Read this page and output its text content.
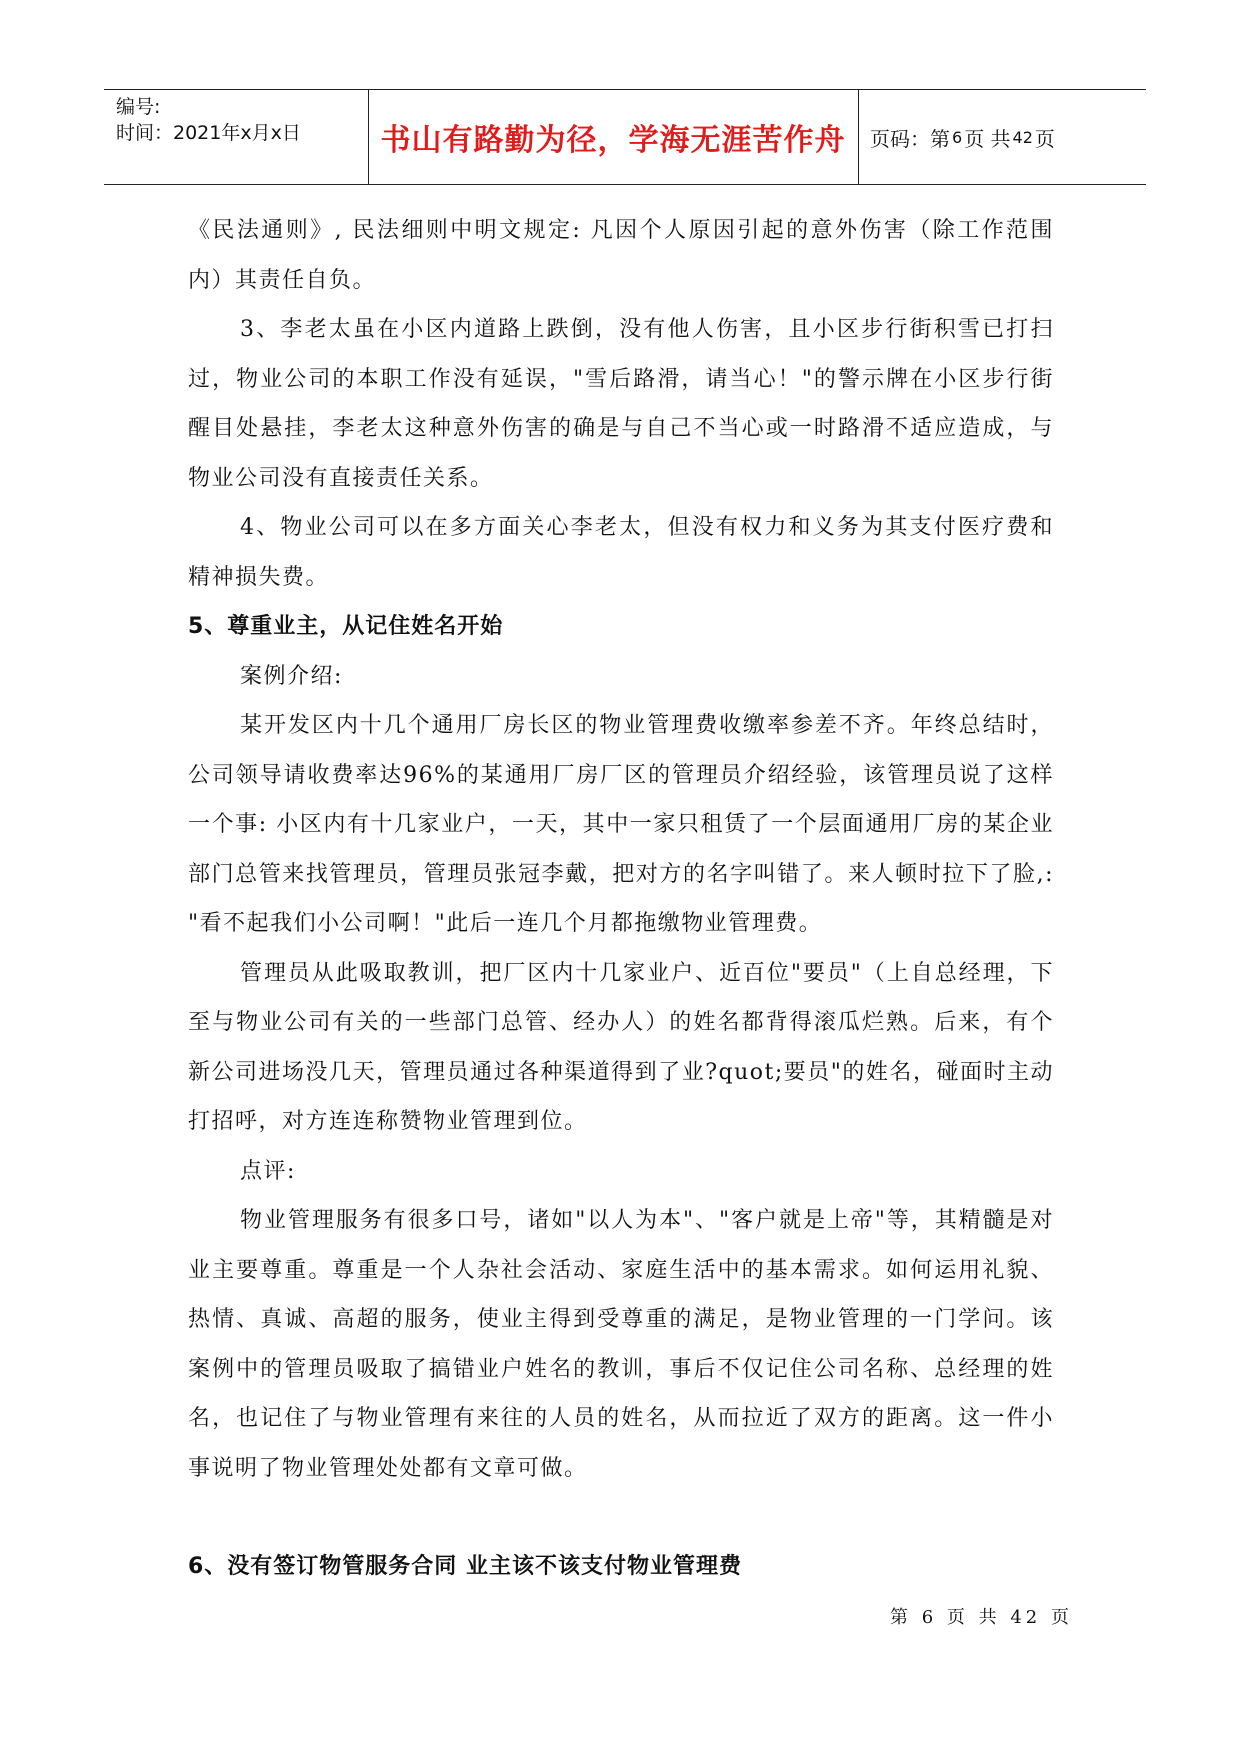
编号:
时间：2021年x月x日	书山有路勤为径，学海无涯苦作舟	页码：第 6 页 共 42 页

《民法通则》, 民法细则中明文规定: 凡因个人原因引起的意外伤害（除工作范围内）其责任自负。

3、李老太虽在小区内道路上跌倒，没有他人伤害，且小区步行街积雪已打扫过，物业公司的本职工作没有延误，"雪后路滑，请当心！"的警示牌在小区步行街醒目处悬挂，李老太这种意外伤害的确是与自己不当心或一时路滑不适应造成，与物业公司没有直接责任关系。

4、物业公司可以在多方面关心李老太，但没有权力和义务为其支付医疗费和精神损失费。

5、尊重业主，从记住姓名开始

案例介绍:

某开发区内十几个通用厂房长区的物业管理费收缴率参差不齐。年终总结时，公司领导请收费率达96%的某通用厂房厂区的管理员介绍经验，该管理员说了这样一个事: 小区内有十几家业户，一天，其中一家只租赁了一个层面通用厂房的某企业部门总管来找管理员，管理员张冠李戴，把对方的名字叫错了。来人顿时拉下了脸,: "看不起我们小公司啊！"此后一连几个月都拖缴物业管理费。

管理员从此吸取教训，把厂区内十几家业户、近百位"要员"（上自总经理，下至与物业公司有关的一些部门总管、经办人）的姓名都背得滚瓜烂熟。后来，有个新公司进场没几天，管理员通过各种渠道得到了业?quot;要员"的姓名，碰面时主动打招呼，对方连连称赞物业管理到位。

点评:

物业管理服务有很多口号，诸如"以人为本"、"客户就是上帝"等，其精髓是对业主要尊重。尊重是一个人杂社会活动、家庭生活中的基本需求。如何运用礼貌、热情、真诚、高超的服务，使业主得到受尊重的满足，是物业管理的一门学问。该案例中的管理员吸取了搞错业户姓名的教训，事后不仅记住公司名称、总经理的姓名，也记住了与物业管理有来往的人员的姓名，从而拉近了双方的距离。这一件小事说明了物业管理处处都有文章可做。

6、没有签订物管服务合同 业主该不该支付物业管理费
第 6 页 共 42 页
